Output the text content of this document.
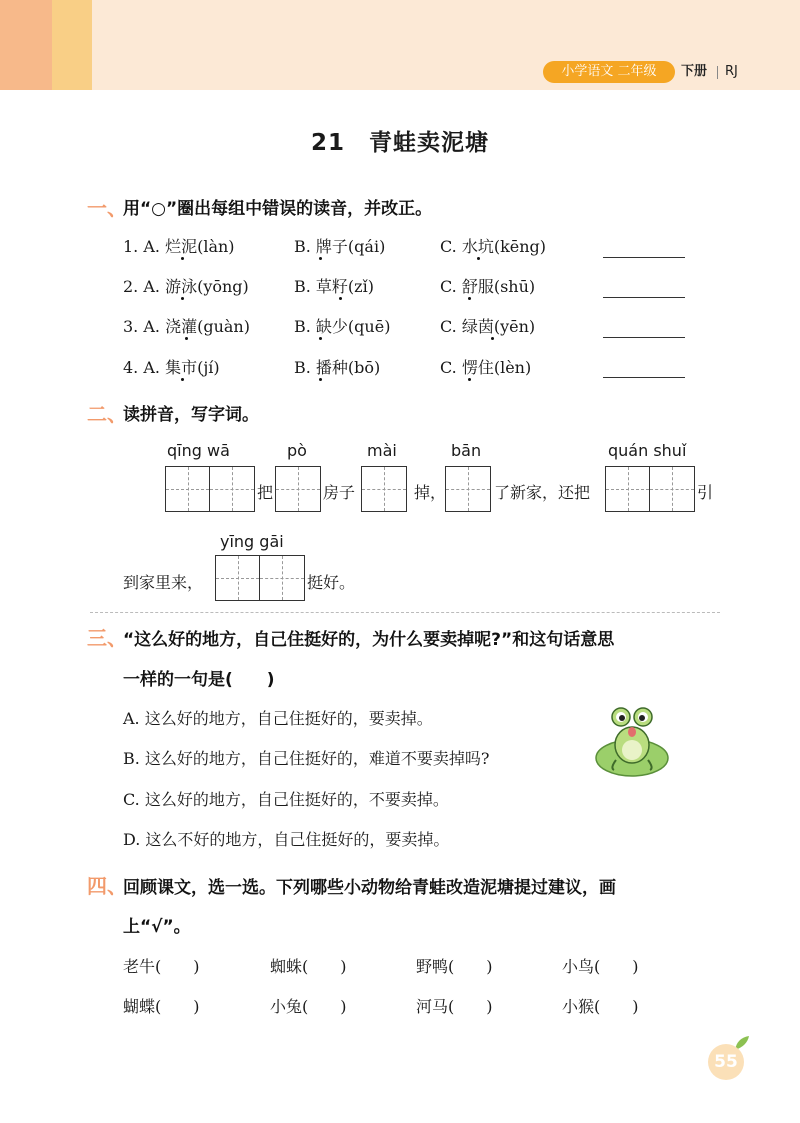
小学语文 二年级	下册 RJ
21 青蛙卖泥塘
一、
用“○”圈出每组中错误的读音，并改正。
1. A. 烂泥(làn)	B. 牌子(qái)	C. 水坑(kēng)
2. A. 游泳(yōng)	B. 草籽(zǐ)	C. 舒服(shū)
3. A. 浇灌(guàn)	B. 缺少(quē)	C. 绿茵(yēn)
4. A. 集市(jí)	B. 播种(bō)	C. 愣住(lèn)
二、
读拼音，写字词。
qīng wā	pò	mài	bān	quán shuǐ
把	房子	掉，	了新家，还把	引
yīng gāi
到家里来，	挺好。
三、
“这么好的地方，自己住挺好的，为什么要卖掉呢?”和这句话意思
一样的一句是(　　)
A. 这么好的地方，自己住挺好的，要卖掉。
B. 这么好的地方，自己住挺好的，难道不要卖掉吗?
C. 这么好的地方，自己住挺好的，不要卖掉。
D. 这么不好的地方，自己住挺好的，要卖掉。
四、
回顾课文，选一选。下列哪些小动物给青蛙改造泥塘提过建议，画
上“√”。
老牛(　　)	蜘蛛(　　)	野鸭(　　)	小鸟(　　)
蝴蝶(　　)	小兔(　　)	河马(　　)	小猴(　　)
55
